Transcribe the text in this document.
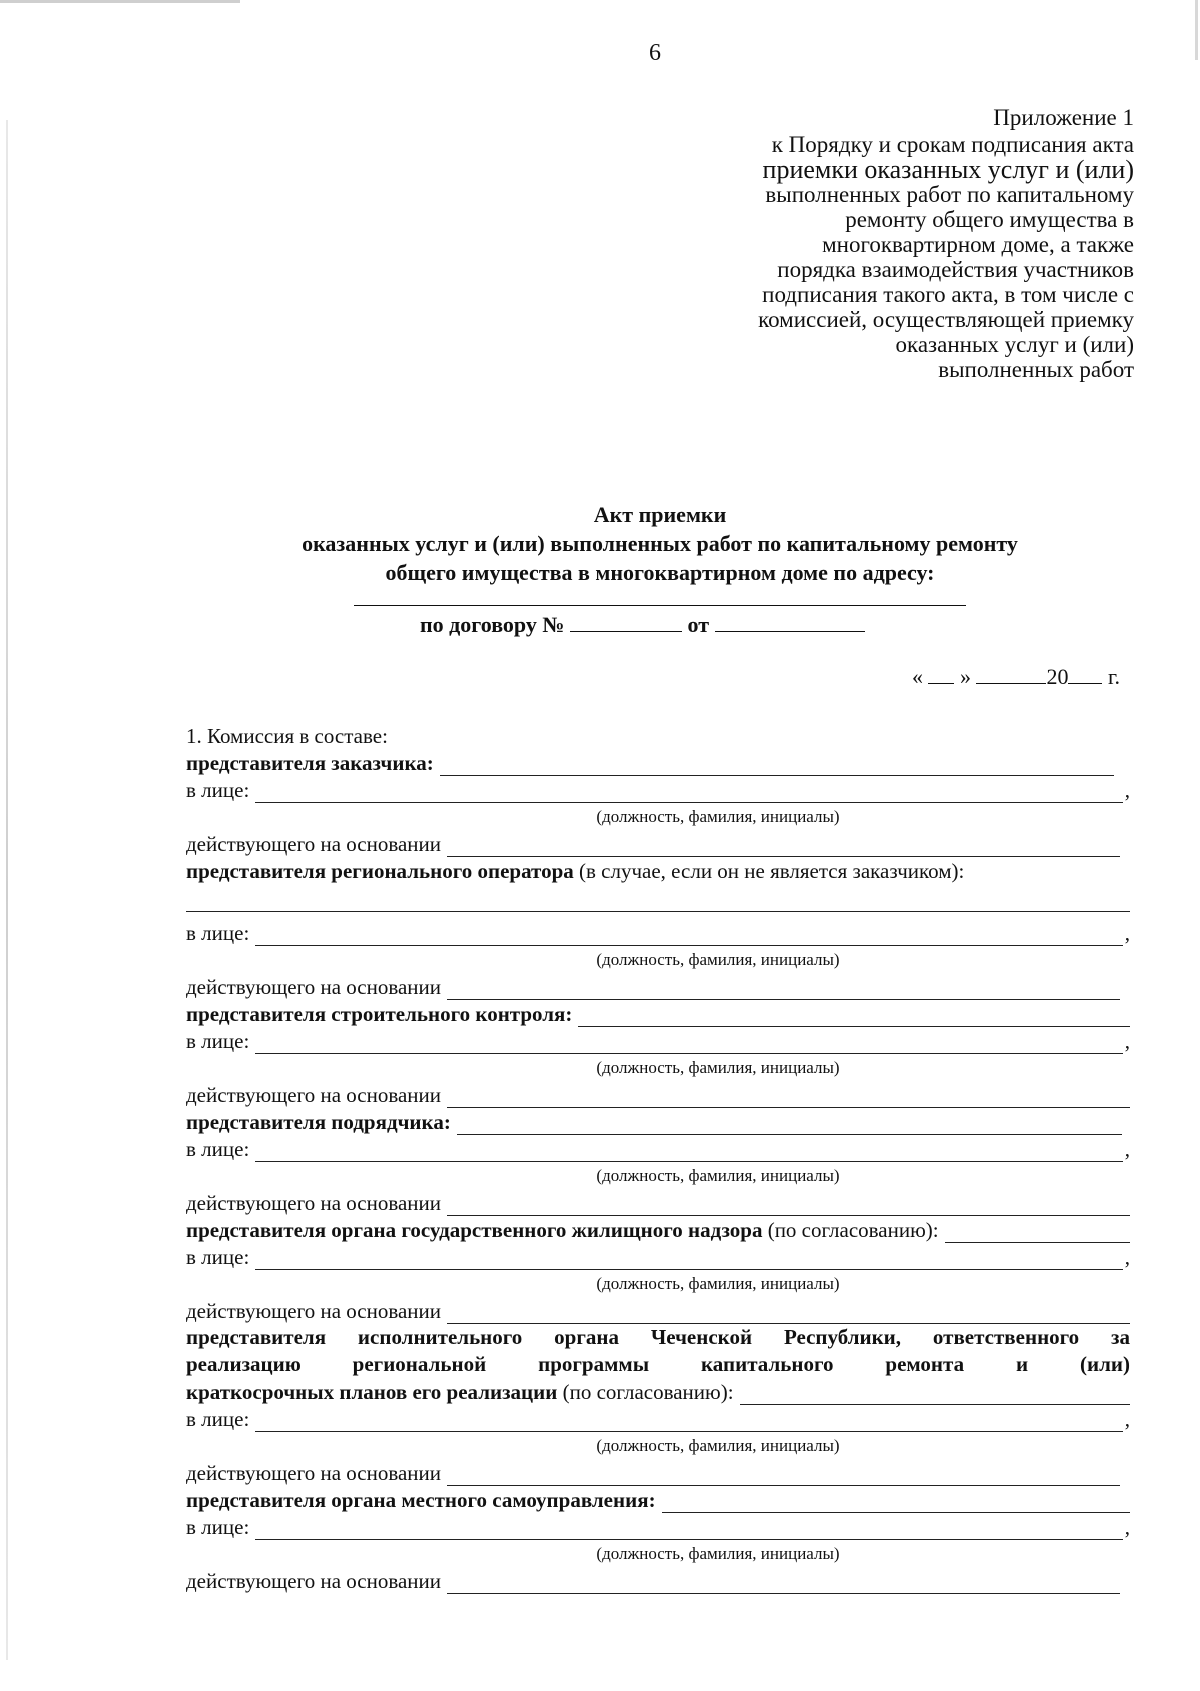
6
Приложение 1
к Порядку и срокам подписания акта
приемки оказанных услуг и (или)
выполненных работ по капитальному
ремонту общего имущества в
многоквартирном доме, а также
порядка взаимодействия участников
подписания такого акта, в том числе с
комиссией, осуществляющей приемку
оказанных услуг и (или)
выполненных работ
Акт приемки
оказанных услуг и (или) выполненных работ по капитальному ремонту
общего имущества в многоквартирном доме по адресу:
по договору №	от
« »	20 г.
1. Комиссия в составе:
представителя заказчика:
в лице:	,
(должность, фамилия, инициалы)
действующего на основании
представителя регионального оператора (в случае, если он не является заказчиком):
в лице:	,
(должность, фамилия, инициалы)
действующего на основании
представителя строительного контроля:
в лице:	,
(должность, фамилия, инициалы)
действующего на основании
представителя подрядчика:
в лице:	,
(должность, фамилия, инициалы)
действующего на основании
представителя органа государственного жилищного надзора (по согласованию):
в лице:	,
(должность, фамилия, инициалы)
действующего на основании
представителя исполнительного органа Чеченской Республики, ответственного за
реализацию региональной программы капитального ремонта и (или)
краткосрочных планов его реализации (по согласованию):
в лице:	,
(должность, фамилия, инициалы)
действующего на основании
представителя органа местного самоуправления:
в лице:	,
(должность, фамилия, инициалы)
действующего на основании
